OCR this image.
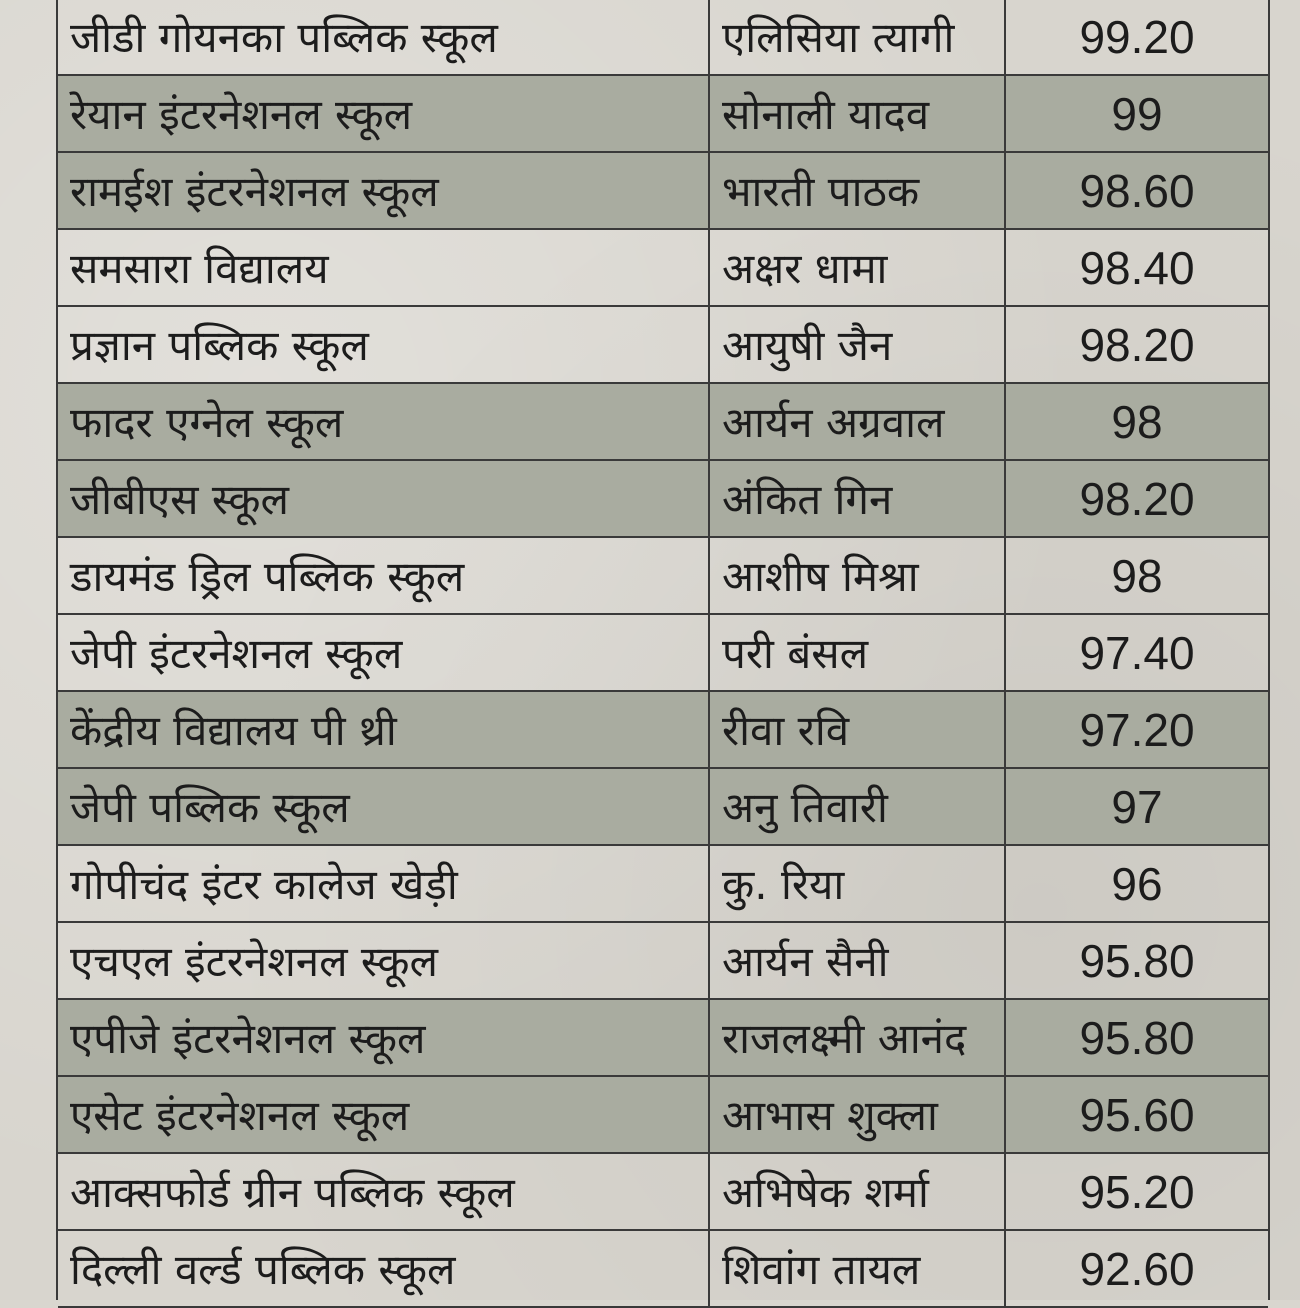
जीडी गोयनका पब्लिक स्कूल	एलिसिया त्यागी	99.20
रेयान इंटरनेशनल स्कूल	सोनाली यादव	99
रामईश इंटरनेशनल स्कूल	भारती पाठक	98.60
समसारा विद्यालय	अक्षर धामा	98.40
प्रज्ञान पब्लिक स्कूल	आयुषी जैन	98.20
फादर एग्नेल स्कूल	आर्यन अग्रवाल	98
जीबीएस स्कूल	अंकित गिन	98.20
डायमंड ड्रिल पब्लिक स्कूल	आशीष मिश्रा	98
जेपी इंटरनेशनल स्कूल	परी बंसल	97.40
केंद्रीय विद्यालय पी थ्री	रीवा रवि	97.20
जेपी पब्लिक स्कूल	अनु तिवारी	97
गोपीचंद इंटर कालेज खेड़ी	कु. रिया	96
एचएल इंटरनेशनल स्कूल	आर्यन सैनी	95.80
एपीजे इंटरनेशनल स्कूल	राजलक्ष्मी आनंद	95.80
एसेट इंटरनेशनल स्कूल	आभास शुक्ला	95.60
आक्सफोर्ड ग्रीन पब्लिक स्कूल	अभिषेक शर्मा	95.20
दिल्ली वर्ल्ड पब्लिक स्कूल	शिवांग तायल	92.60
